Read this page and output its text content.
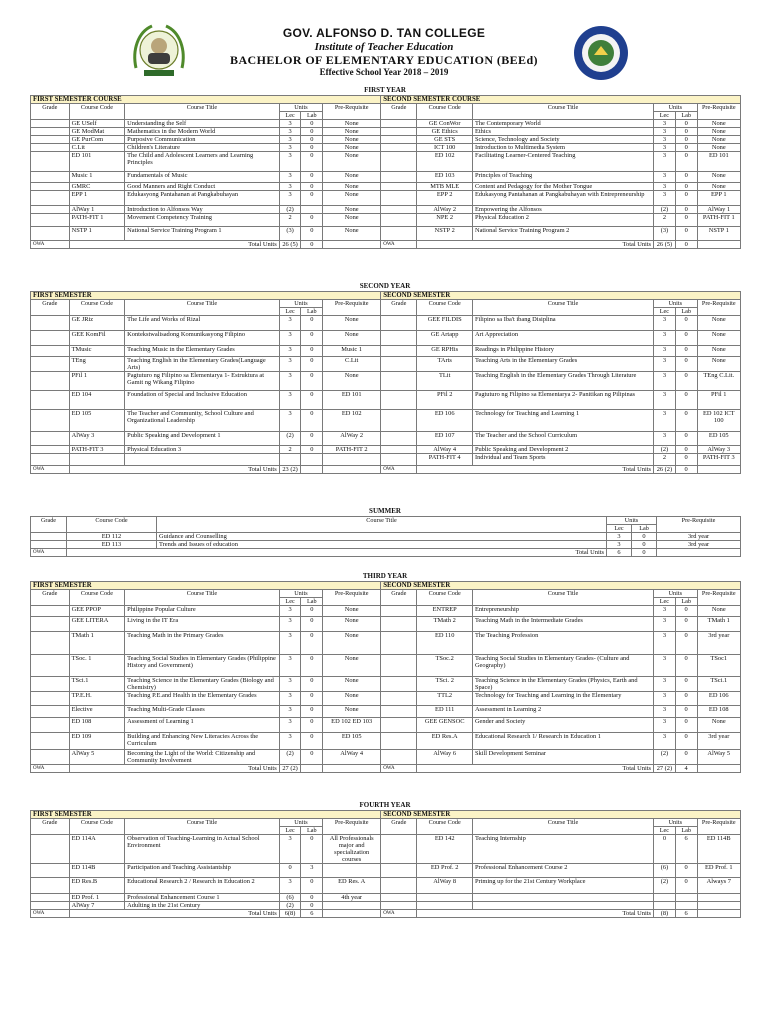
GOV. ALFONSO D. TAN COLLEGE
Institute of Teacher Education
BACHELOR OF ELEMENTARY EDUCATION (BEEd)
Effective School Year 2018 – 2019
FIRST YEAR
FIRST SEMESTER COURSE						SECOND SEMESTER COURSE					
Grade	Course Code	Course Title	Units		Pre-Requisite	Grade	Course Code	Course Title	Units		Pre-Requisite
			Lec	Lab					Lec	Lab	
	GE USelf	Understanding the Self	3	0	None		GE ConWor	The Contemporary World	3	0	None
	GE ModMat	Mathematics in the Modern World	3	0	None		GE Ethics	Ethics	3	0	None
	GE PurCom	Purposive Communication	3	0	None		GE STS	Science, Technology and Society	3	0	None
	C.Lit	Children's Literature	3	0	None		ICT 100	Introduction to Multimedia System	3	0	None
	ED 101	The Child and Adolescent Learners and Learning Principles	3	0	None		ED 102	Facilitating Learner-Centered Teaching	3	0	ED 101
	Music 1	Fundamentals of Music	3	0	None		ED 103	Principles of Teaching	3	0	None
	GMRC	Good Manners and Right Conduct	3	0	None		MTB MLE	Content and Pedagogy for the Mother Tongue	3	0	None
	EPP 1	Edukasyong Pantahanan at Pangkabuhayan	3	0	None		EPP 2	Edukasyong Pantahanan at Pangkabuhayan with Entrepreneurship	3	0	EPP 1
	AlWay 1	Introduction to Alfonsos Way	(2)		None		AlWay 2	Empowering the Alfonsos	(2)	0	AlWay 1
	PATH-FIT 1	Movement Competency Training	2	0	None		NPE 2	Physical Education 2	2	0	PATH-FIT 1
	NSTP 1	National Service Training Program 1	(3)	0	None		NSTP 2	National Service Training Program 2	(3)	0	NSTP 1
OWA	Total Units		26 (5)	0		OWA	Total Units		26 (5)	0	
SECOND YEAR
FIRST SEMESTER						SECOND SEMESTER					
Grade	Course Code	Course Title	Units		Pre-Requisite	Grade	Course Code	Course Title	Units		Pre-Requisite
			Lec	Lab					Lec	Lab	
	GE JRiz	The Life and Works of Rizal	3	0	None		GEE FILDIS	Filipino sa Iba't ibang Disiplina	3	0	None
	GEE KomFil	Kontekstwalisadong Komunikasyong Filipino	3	0	None		GE Artapp	Art Appreciation	3	0	None
	TMusic	Teaching Music in the Elementary Grades	3	0	Music 1		GE RPHis	Readings in Philippine History	3	0	None
	TEng	Teaching English in the Elementary Grades(Language Arts)	3	0	C.Lit		TArts	Teaching Arts in the Elementary Grades	3	0	None
	PFil 1	Pagtuturo ng Filipino sa Elementarya 1- Estruktura at Gamit ng Wikang Filipino	3	0	None		TLit	Teaching English in the Elementary Grades Through Literature	3	0	TEng C.Lit.
	ED 104	Foundation of Special and Inclusive Education	3	0	ED 101		PFil 2	Pagtuturo ng Filipino sa Elementarya 2- Panitikan ng Pilipinas	3	0	PFil 1
	ED 105	The Teacher and Community, School Culture and Organizational Leadership	3	0	ED 102		ED 106	Technology for Teaching and Learning 1	3	0	ED 102 ICT 100
	AlWay 3	Public Speaking and Development 1	(2)	0	AlWay 2		ED 107	The Teacher and the School Curriculum	3	0	ED 105
	PATH-FIT 3	Physical Education 3	2	0	PATH-FIT 2		AlWay 4	Public Speaking and Development 2	(2)	0	AlWay 3
							PATH-FIT 4	Individual and Team Sports	2	0	PATH-FIT 3
OWA	Total Units		23 (2)			OWA	Total Units		26 (2)	0	
SUMMER
Grade	Course Code	Course Title	Units		Pre-Requisite
			Lec	Lab	
	ED 112	Guidance and Counselling	3	0	3rd year
	ED 113	Trends and Issues of education	3	0	3rd year
OWA	Total Units		6	0	
THIRD YEAR
FIRST SEMESTER						SECOND SEMESTER					
Grade	Course Code	Course Title	Units		Pre-Requisite	Grade	Course Code	Course Title	Units		Pre-Requisite
			Lec	Lab					Lec	Lab	
	GEE PPOP	Philippine Popular Culture	3	0	None		ENTREP	Entrepreneurship	3	0	None
	GEE LITERA	Living in the IT Era	3	0	None		TMath 2	Teaching Math in the Intermediate Grades	3	0	TMath 1
	TMath 1	Teaching Math in the Primary Grades	3	0	None		ED 110	The Teaching Profession	3	0	3rd year
	TSoc. 1	Teaching Social Studies in Elementary Grades (Philippine History and Government)	3	0	None		TSoc.2	Teaching Social Studies in Elementary Grades- (Culture and Geography)	3	0	TSoc1
	TSci.1	Teaching Science in the Elementary Grades (Biology and Chemistry)	3	0	None		TSci. 2	Teaching Science in the Elementary Grades (Physics, Earth and Space)	3	0	TSci.1
	TP.E.H.	Teaching P.E.and Health in the Elementary Grades	3	0	None		TTL2	Technology for Teaching and Learning in the Elementary	3	0	ED 106
	Elective	Teaching Multi-Grade Classes	3	0	None		ED 111	Assessment in Learning 2	3	0	ED 108
	ED 108	Assessment of Learning 1	3	0	ED 102 ED 103		GEE GENSOC	Gender and Society	3	0	None
	ED 109	Building and Enhancing New Literacies Across the Curriculum	3	0	ED 105		ED Res.A	Educational Research 1/ Research in Education 1	3	0	3rd year
	AlWay 5	Becoming the Light of the World: Citizenship and Community Involvement	(2)	0	AlWay 4		AlWay 6	Skill Development Seminar	(2)	0	AlWay 5
OWA	Total Units		27 (2)			OWA	Total Units		27 (2)	4	
FOURTH YEAR
FIRST SEMESTER						SECOND SEMESTER					
Grade	Course Code	Course Title	Units		Pre-Requisite	Grade	Course Code	Course Title	Units		Pre-Requisite
			Lec	Lab					Lec	Lab	
	ED 114A	Observation of Teaching-Learning in Actual School Environment	3	0	All Professionals major and specialization courses		ED 142	Teaching Internship	0	6	ED 114B
	ED 114B	Participation and Teaching Assistantship	0	3			ED Prof. 2	Professional Enhancement Course 2	(6)	0	ED Prof. 1
	ED Res.B	Educational Research 2 / Research in Education 2	3	0	ED Res. A		AlWay 8	Priming up for the 21st Century Workplace	(2)	0	Always 7
	ED Prof. 1	Professional Enhancement Course 1	(6)	0	4th year						
	AlWay 7	Adulting in the 21st Century	(2)	0							
OWA	Total Units		6(8)	6		OWA	Total Units		(8)	6	
